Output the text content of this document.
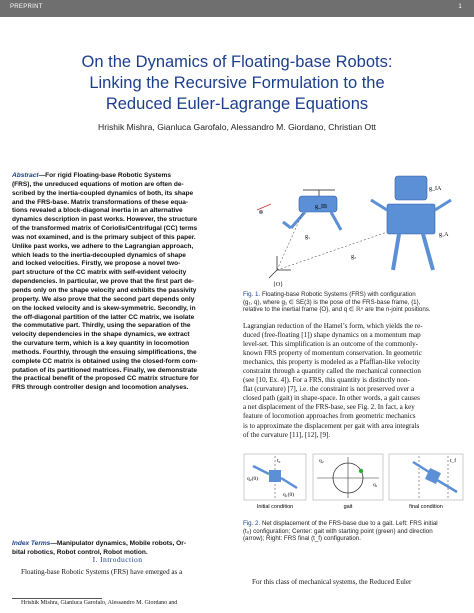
PREPRINT	1
On the Dynamics of Floating-base Robots:
Linking the Recursive Formulation to the
Reduced Euler-Lagrange Equations
Hrishik Mishra, Gianluca Garofalo, Alessandro M. Giordano, Christian Ott
Abstract—For rigid Floating-base Robotic Systems
(FRS), the unreduced equations of motion are often de-
scribed by the inertia-coupled dynamics of both, its shape
and the FRS-base. Matrix transformations of these equa-
tions revealed a block-diagonal inertia in an alternative
dynamics description in past works. However, the structure
of the transformed matrix of Coriolis/Centrifugal (CC) terms
was not examined, and is the primary subject of this paper.
Unlike past works, we adhere to the Lagrangian approach,
which leads to the inertia-decoupled dynamics of shape
and locked velocities. Firstly, we propose a novel two-
part structure of the CC matrix with self-evident velocity
dependencies. In particular, we prove that the first part de-
pends only on the shape velocity and exhibits the passivity
property. We also prove that the second part depends only
on the locked velocity and is skew-symmetric. Secondly, in
the off-diagonal partition of the latter CC matrix, we isolate
the commutative part. Thirdly, using the separation of the
velocity dependencies in the shape dynamics, we extract
the curvature term, which is a key quantity in locomotion
methods. Fourthly, through the ensuing simplifications, the
complete CC matrix is obtained using the closed-form com-
putation of its partitioned matrices. Finally, we demonstrate
the practical benefit of the proposed CC matrix structure for
FRS through controller design and locomotion analyses.
Index Terms—Manipulator dynamics, Mobile robots, Or-
bital robotics, Robot control, Robot motion.
I. Introduction
Floating-base Robotic Systems (FRS) have emerged as a
Hrishik Mishra, Gianluca Garofalo, Alessandro M. Giordano and
{O}
g_IB
g₁
g₂
g_IA
g₁A
Fig. 1. Floating-base Robotic Systems (FRS) with configuration
(g₁, q), where g₁ ∈ SE(3) is the pose of the FRS-base frame, {1},
relative to the inertial frame {O}, and q ∈ ℝⁿ are the n-joint positions.
Lagrangian reduction of the Hamel’s form, which yields the re-
duced (free-floating [1]) shape dynamics on a momentum map
level-set. This simplification is an outcome of the commonly-
known FRS property of momentum conservation. In geometric
mechanics, this property is modeled as a Pfaffian-like velocity
constraint through a quantity called the mechanical connection
(see [10, Ex. 4]). For a FRS, this quantity is distinctly non-
flat (curvature) [7], i.e. the constraint is not preserved over a
closed path (gait) in shape-space. In other words, a gait causes
a net displacement of the FRS-base, see Fig. 2. In fact, a key
feature of locomotion approaches from geometric mechanics
is to approximate the displacement per gait with area integrals
of the curvature [11], [12], [9].
t₀
q₂(0)
q₁(0)
q₂
q₁
t_f
Initial condition	gait	final condition
Fig. 2. Net displacement of the FRS-base due to a gait. Left: FRS initial
(t₀) configuration; Center: gait with starting point (green) and direction
(arrow); Right: FRS final (t_f) configuration.
For this class of mechanical systems, the Reduced Euler
